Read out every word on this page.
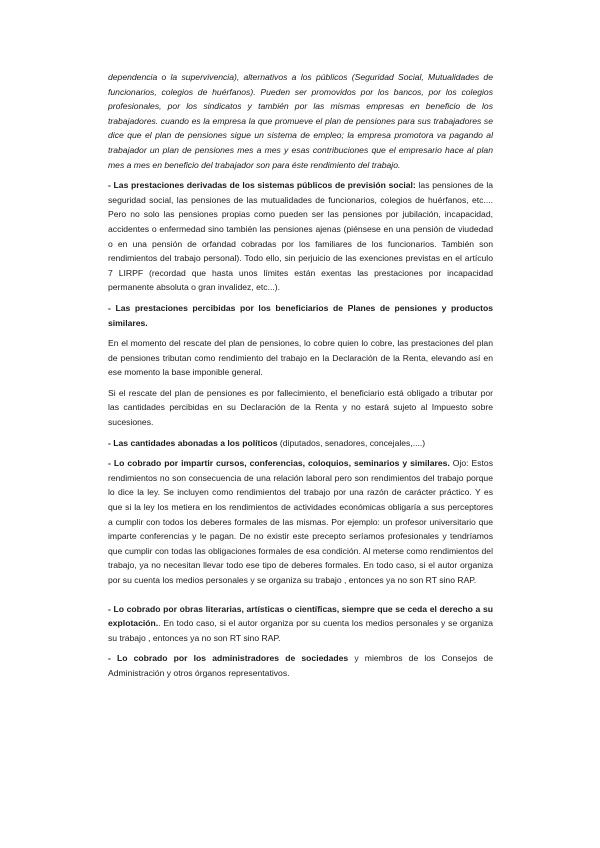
dependencia o la supervivencia), alternativos a los públicos (Seguridad Social, Mutualidades de funcionarios, colegios de huérfanos). Pueden ser promovidos por los bancos, por los colegios profesionales, por los sindicatos y también por las mismas empresas en beneficio de los trabajadores. cuando es la empresa la que promueve el plan de pensiones para sus trabajadores se dice que el plan de pensiones sigue un sistema de empleo; la empresa promotora va pagando al trabajador un plan de pensiones mes a mes y esas contribuciones que el empresario hace al plan mes a mes en beneficio del trabajador son para éste rendimiento del trabajo.

- Las prestaciones derivadas de los sistemas públicos de previsión social: las pensiones de la seguridad social, las pensiones de las mutualidades de funcionarios, colegios de huérfanos, etc.... Pero no solo las pensiones propias como pueden ser las pensiones por jubilación, incapacidad, accidentes o enfermedad sino también las pensiones ajenas (piénsese en una pensión de viudedad o en una pensión de orfandad cobradas por los familiares de los funcionarios. También son rendimientos del trabajo personal). Todo ello, sin perjuicio de las exenciones previstas en el artículo 7 LIRPF (recordad que hasta unos límites están exentas las prestaciones por incapacidad permanente absoluta o gran invalidez, etc...).

- Las prestaciones percibidas por los beneficiarios de Planes de pensiones y productos similares.

En el momento del rescate del plan de pensiones, lo cobre quien lo cobre, las prestaciones del plan de pensiones tributan como rendimiento del trabajo en la Declaración de la Renta, elevando así en ese momento la base imponible general.

Si el rescate del plan de pensiones es por fallecimiento, el beneficiario está obligado a tributar por las cantidades percibidas en su Declaración de la Renta y no estará sujeto al Impuesto sobre sucesiones.

- Las cantidades abonadas a los políticos (diputados, senadores, concejales,....)

- Lo cobrado por impartir cursos, conferencias, coloquios, seminarios y similares. Ojo: Estos rendimientos no son consecuencia de una relación laboral pero son rendimientos del trabajo porque lo dice la ley. Se incluyen como rendimientos del trabajo por una razón de carácter práctico. Y es que si la ley los metiera en los rendimientos de actividades económicas obligaría a sus perceptores a cumplir con todos los deberes formales de las mismas. Por ejemplo: un profesor universitario que imparte conferencias y le pagan. De no existir este precepto seríamos profesionales y tendríamos que cumplir con todas las obligaciones formales de esa condición. Al meterse como rendimientos del trabajo, ya no necesitan llevar todo ese tipo de deberes formales. En todo caso, si el autor organiza por su cuenta los medios personales y se organiza su trabajo , entonces ya no son RT sino RAP.

- Lo cobrado por obras literarias, artísticas o científicas, siempre que se ceda el derecho a su explotación.. En todo caso, si el autor organiza por su cuenta los medios personales y se organiza su trabajo , entonces ya no son RT sino RAP.

- Lo cobrado por los administradores de sociedades y miembros de los Consejos de Administración y otros órganos representativos.
